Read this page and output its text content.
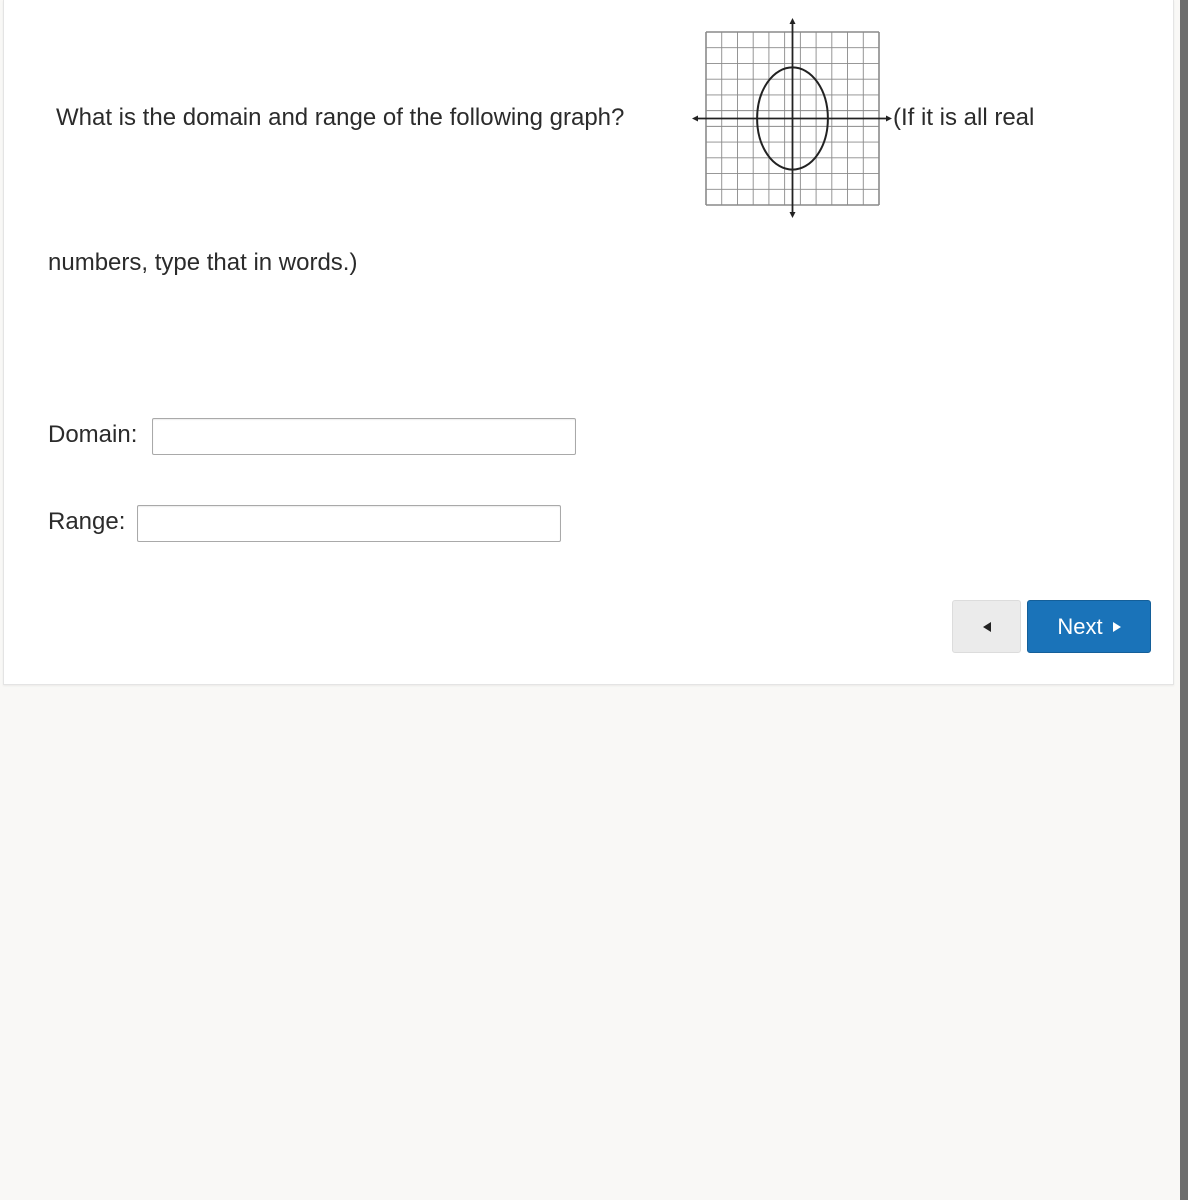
What is the domain and range of the following graph?	(If it is all real
numbers, type that in words.)
Domain:
Range:
Next
